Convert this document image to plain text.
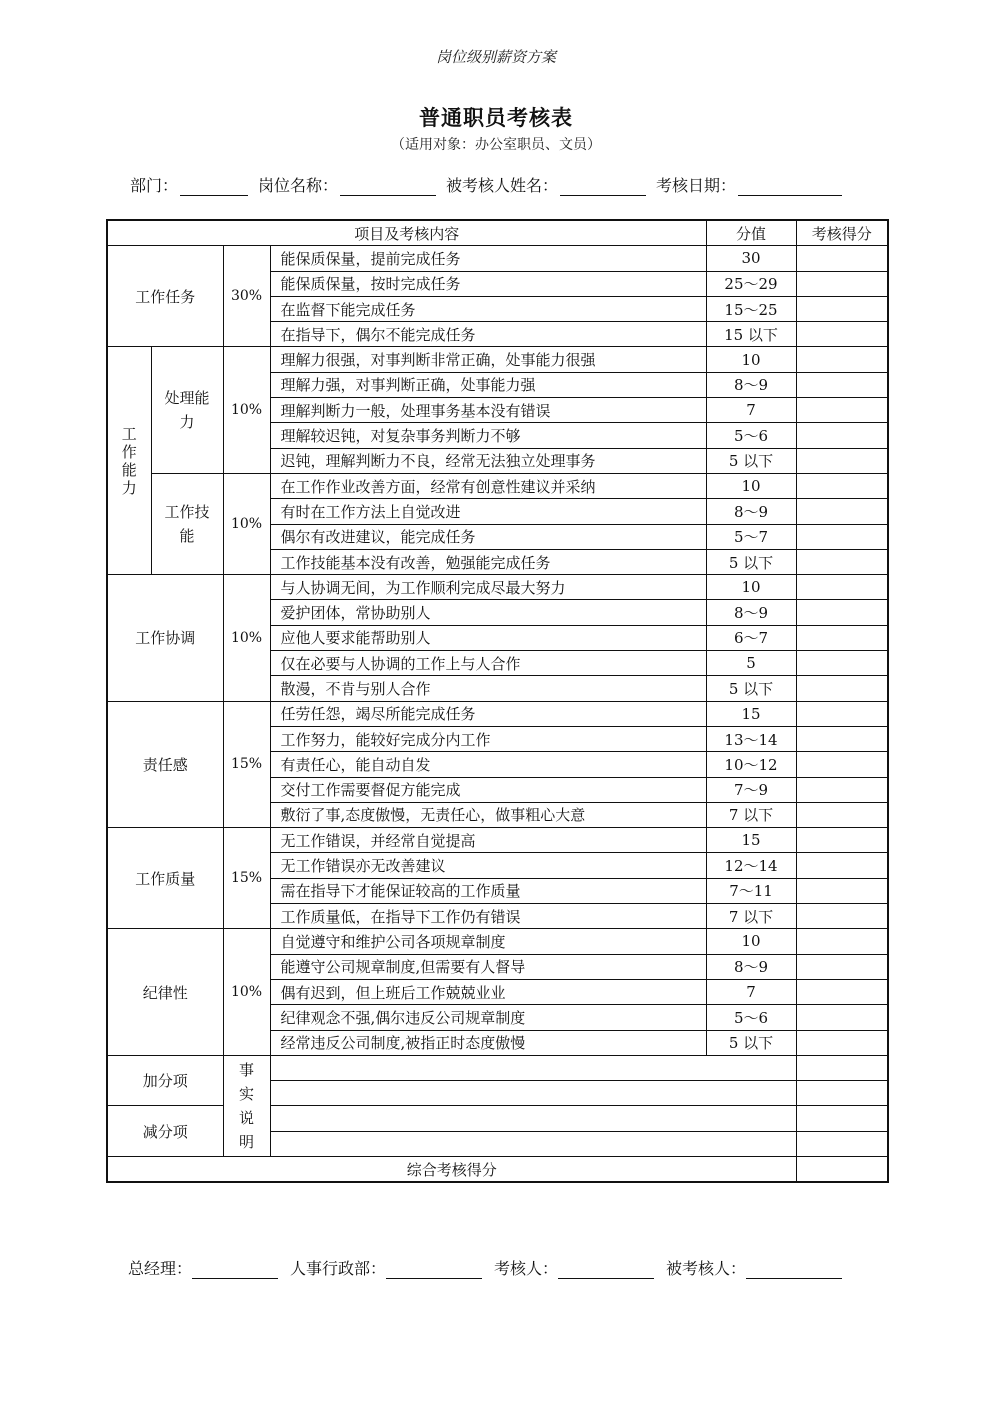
岗位级别薪资方案
普通职员考核表
（适用对象：办公室职员、文员）
部门：	岗位名称：	被考核人姓名：	考核日期：
项目及考核内容				分值	考核得分
工作任务		30%	能保质保量，提前完成任务	30	
			能保质保量，按时完成任务	25～29	
			在监督下能完成任务	15～25	
			在指导下，偶尔不能完成任务	15 以下	
工作能力	处理能力	10%	理解力很强，对事判断非常正确，处事能力很强	10	
			理解力强，对事判断正确，处事能力强	8～9	
			理解判断力一般，处理事务基本没有错误	7	
			理解较迟钝，对复杂事务判断力不够	5～6	
			迟钝，理解判断力不良，经常无法独立处理事务	5 以下	
	工作技能	10%	在工作作业改善方面，经常有创意性建议并采纳	10	
			有时在工作方法上自觉改进	8～9	
			偶尔有改进建议，能完成任务	5～7	
			工作技能基本没有改善，勉强能完成任务	5 以下	
工作协调		10%	与人协调无间，为工作顺利完成尽最大努力	10	
			爱护团体，常协助别人	8～9	
			应他人要求能帮助别人	6～7	
			仅在必要与人协调的工作上与人合作	5	
			散漫，不肯与别人合作	5 以下	
责任感		15%	任劳任怨，竭尽所能完成任务	15	
			工作努力，能较好完成分内工作	13～14	
			有责任心，能自动自发	10～12	
			交付工作需要督促方能完成	7～9	
			敷衍了事,态度傲慢，无责任心，做事粗心大意	7 以下	
工作质量		15%	无工作错误，并经常自觉提高	15	
			无工作错误亦无改善建议	12～14	
			需在指导下才能保证较高的工作质量	7～11	
			工作质量低，在指导下工作仍有错误	7 以下	
纪律性		10%	自觉遵守和维护公司各项规章制度	10	
			能遵守公司规章制度,但需要有人督导	8～9	
			偶有迟到，但上班后工作兢兢业业	7	
			纪律观念不强,偶尔违反公司规章制度	5～6	
			经常违反公司制度,被指正时态度傲慢	5 以下	
加分项		事实说明			

减分项					

综合考核得分					
总经理：	人事行政部：	考核人：	被考核人：
